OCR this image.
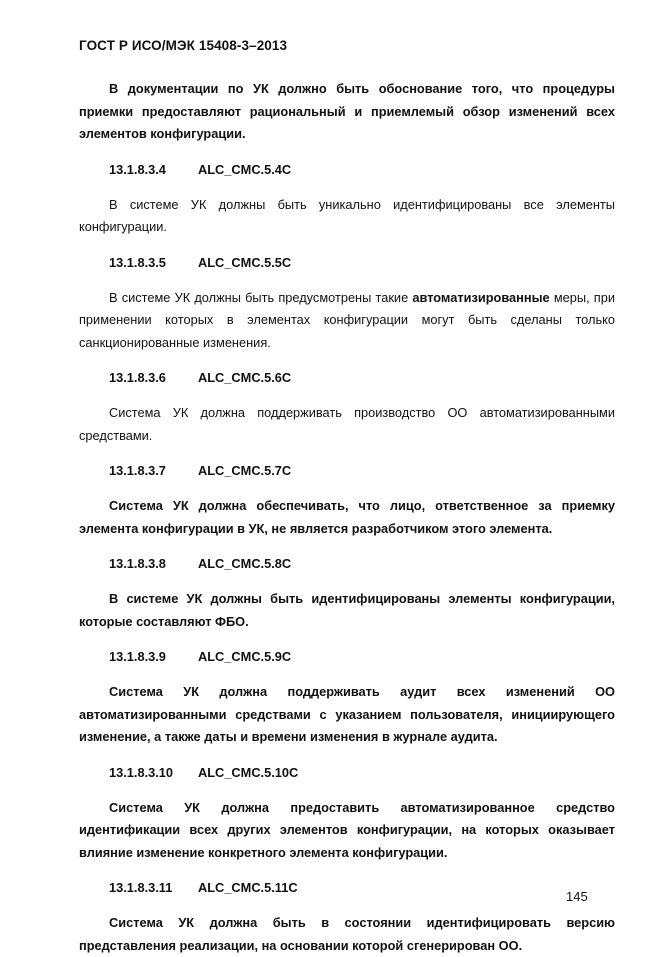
ГОСТ Р ИСО/МЭК 15408-3–2013

В документации по УК должно быть обоснование того, что процедуры приемки предоставляют рациональный и приемлемый обзор изменений всех элементов конфигурации.

13.1.8.3.4	ALC_CMC.5.4C

В системе УК должны быть уникально идентифицированы все элементы конфигурации.

13.1.8.3.5	ALC_CMC.5.5C

В системе УК должны быть предусмотрены такие автоматизированные меры, при применении которых в элементах конфигурации могут быть сделаны только санкционированные изменения.

13.1.8.3.6	ALC_CMC.5.6C

Система УК должна поддерживать производство ОО автоматизированными средствами.

13.1.8.3.7	ALC_CMC.5.7C

Система УК должна обеспечивать, что лицо, ответственное за приемку элемента конфигурации в УК, не является разработчиком этого элемента.

13.1.8.3.8	ALC_CMC.5.8C

В системе УК должны быть идентифицированы элементы конфигурации, которые составляют ФБО.

13.1.8.3.9	ALC_CMC.5.9C

Система УК должна поддерживать аудит всех изменений ОО автоматизированными средствами с указанием пользователя, инициирующего изменение, а также даты и времени изменения в журнале аудита.

13.1.8.3.10 ALC_CMC.5.10C

Система УК должна предоставить автоматизированное средство идентификации всех других элементов конфигурации, на которых оказывает влияние изменение конкретного элемента конфигурации.

13.1.8.3.11 ALC_CMC.5.11C

Система УК должна быть в состоянии идентифицировать версию представления реализации, на основании которой сгенерирован ОО.

145
